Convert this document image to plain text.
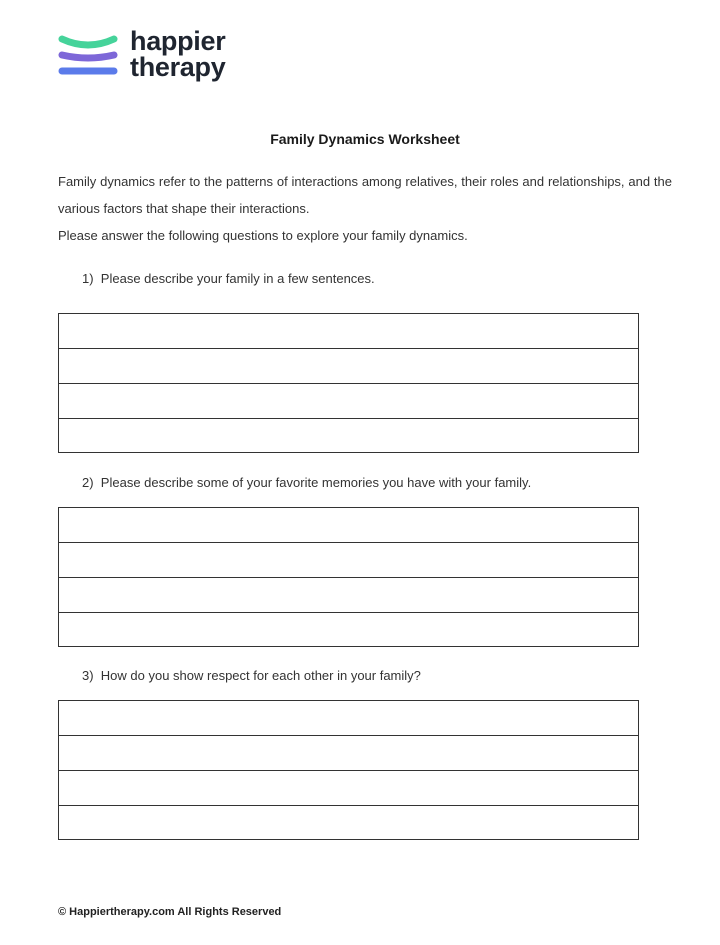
happier
therapy
Family Dynamics Worksheet

Family dynamics refer to the patterns of interactions among relatives, their roles and relationships, and the various factors that shape their interactions.

Please answer the following questions to explore your family dynamics.

1) Please describe your family in a few sentences.
2) Please describe some of your favorite memories you have with your family.
3) How do you show respect for each other in your family?
© Happiertherapy.com All Rights Reserved
